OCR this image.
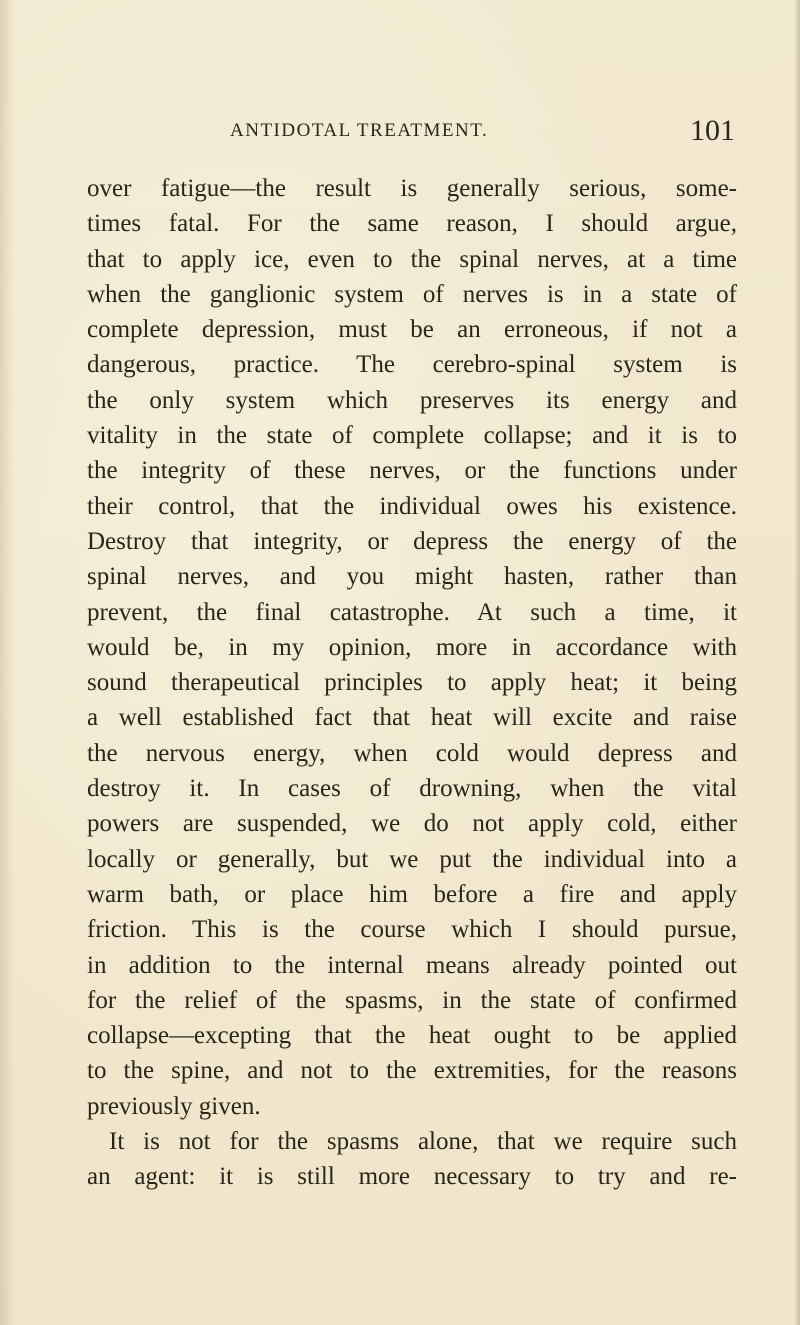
ANTIDOTAL TREATMENT.	101
over fatigue—the result is generally serious, some-
times fatal. For the same reason, I should argue,
that to apply ice, even to the spinal nerves, at a time
when the ganglionic system of nerves is in a state of
complete depression, must be an erroneous, if not a
dangerous, practice. The cerebro-spinal system is
the only system which preserves its energy and
vitality in the state of complete collapse; and it is to
the integrity of these nerves, or the functions under
their control, that the individual owes his existence.
Destroy that integrity, or depress the energy of the
spinal nerves, and you might hasten, rather than
prevent, the final catastrophe. At such a time, it
would be, in my opinion, more in accordance with
sound therapeutical principles to apply heat; it being
a well established fact that heat will excite and raise
the nervous energy, when cold would depress and
destroy it. In cases of drowning, when the vital
powers are suspended, we do not apply cold, either
locally or generally, but we put the individual into a
warm bath, or place him before a fire and apply
friction. This is the course which I should pursue,
in addition to the internal means already pointed out
for the relief of the spasms, in the state of confirmed
collapse—excepting that the heat ought to be applied
to the spine, and not to the extremities, for the reasons
previously given.
It is not for the spasms alone, that we require such
an agent: it is still more necessary to try and re-
